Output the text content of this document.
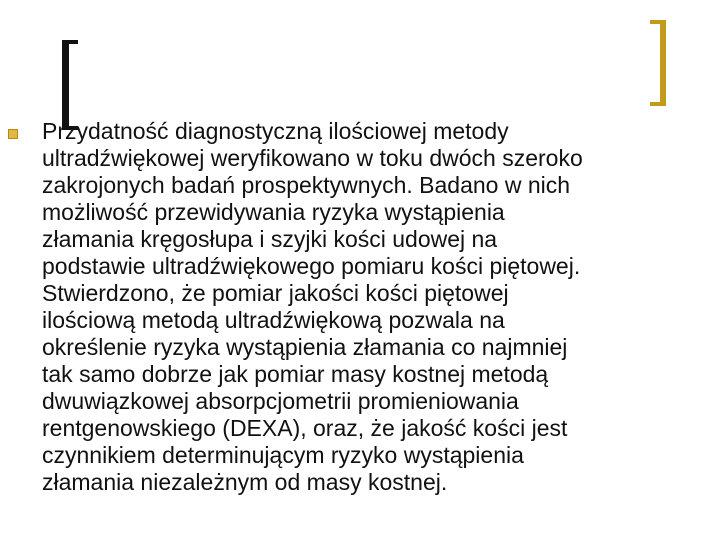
Przydatność diagnostyczną ilościowej metody
ultradźwiękowej weryfikowano w toku dwóch szeroko
zakrojonych badań prospektywnych. Badano w nich
możliwość przewidywania ryzyka wystąpienia
złamania kręgosłupa i szyjki kości udowej na
podstawie ultradźwiękowego pomiaru kości piętowej.
Stwierdzono, że pomiar jakości kości piętowej
ilościową metodą ultradźwiękową pozwala na
określenie ryzyka wystąpienia złamania co najmniej
tak samo dobrze jak pomiar masy kostnej metodą
dwuwiązkowej absorpcjometrii promieniowania
rentgenowskiego (DEXA), oraz, że jakość kości jest
czynnikiem determinującym ryzyko wystąpienia
złamania niezależnym od masy kostnej.
